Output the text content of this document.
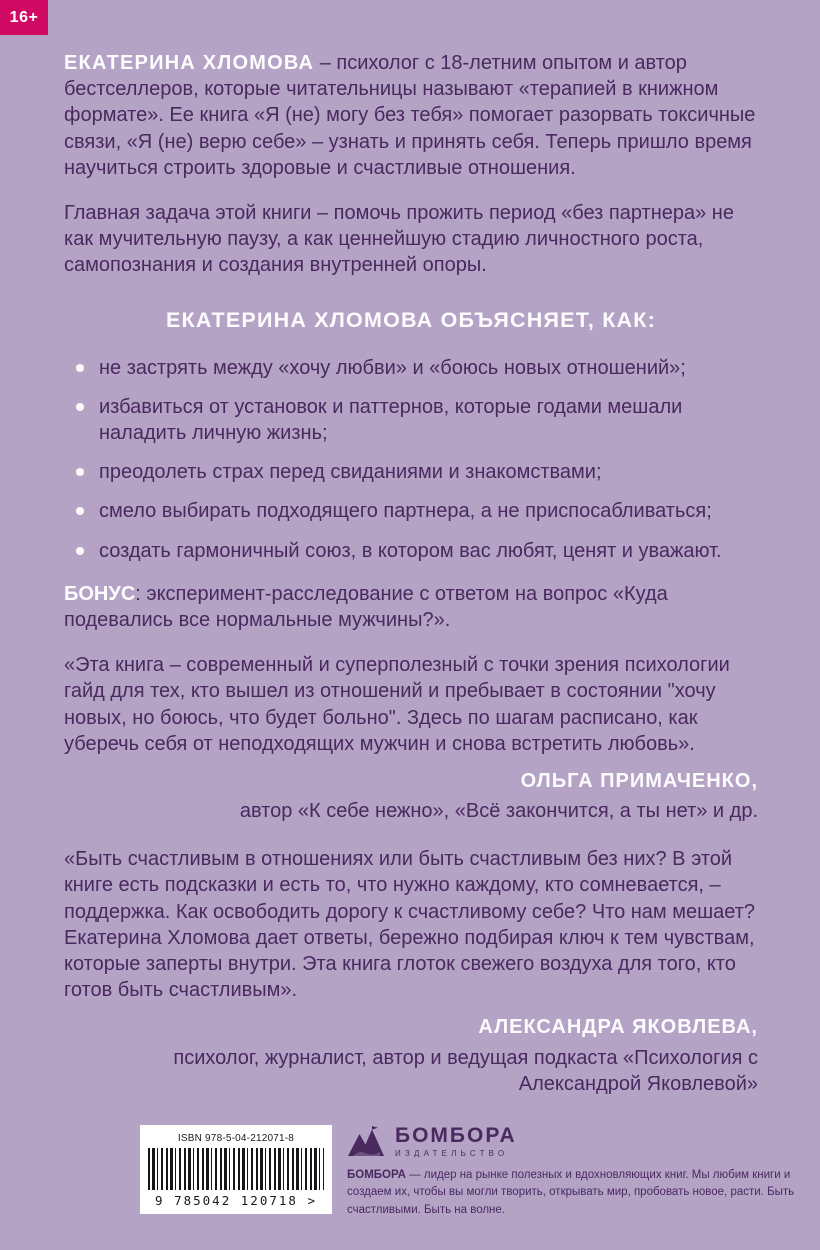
16+

ЕКАТЕРИНА ХЛОМОВА – психолог с 18-летним опытом и автор бестселлеров, которые читательницы называют «терапией в книжном формате». Ее книга «Я (не) могу без тебя» помогает разорвать токсичные связи, «Я (не) верю себе» – узнать и принять себя. Теперь пришло время научиться строить здоровые и счастливые отношения.

Главная задача этой книги – помочь прожить период «без партнера» не как мучительную паузу, а как ценнейшую стадию личностного роста, самопознания и создания внутренней опоры.

ЕКАТЕРИНА ХЛОМОВА ОБЪЯСНЯЕТ, КАК:
не застрять между «хочу любви» и «боюсь новых отношений»;
избавиться от установок и паттернов, которые годами мешали наладить личную жизнь;
преодолеть страх перед свиданиями и знакомствами;
смело выбирать подходящего партнера, а не приспосабливаться;
создать гармоничный союз, в котором вас любят, ценят и уважают.

БОНУС: эксперимент-расследование с ответом на вопрос «Куда подевались все нормальные мужчины?».

«Эта книга – современный и суперполезный с точки зрения психологии гайд для тех, кто вышел из отношений и пребывает в состоянии "хочу новых, но боюсь, что будет больно". Здесь по шагам расписано, как уберечь себя от неподходящих мужчин и снова встретить любовь».

ОЛЬГА ПРИМАЧЕНКО,

автор «К себе нежно», «Всё закончится, а ты нет» и др.

«Быть счастливым в отношениях или быть счастливым без них? В этой книге есть подсказки и есть то, что нужно каждому, кто сомневается, – поддержка. Как освободить дорогу к счастливому себе? Что нам мешает? Екатерина Хломова дает ответы, бережно подбирая ключ к тем чувствам, которые заперты внутри. Эта книга глоток свежего воздуха для того, кто готов быть счастливым».

АЛЕКСАНДРА ЯКОВЛЕВА,

психолог, журналист, автор и ведущая подкаста «Психология с Александрой Яковлевой»

ISBN 978-5-04-212071-8
9 785042 120718 >
БОМБОРА
ИЗДАТЕЛЬСТВО

БОМБОРА — лидер на рынке полезных и вдохновляющих книг. Мы любим книги и создаем их, чтобы вы могли творить, открывать мир, пробовать новое, расти. Быть счастливыми. Быть на волне.
